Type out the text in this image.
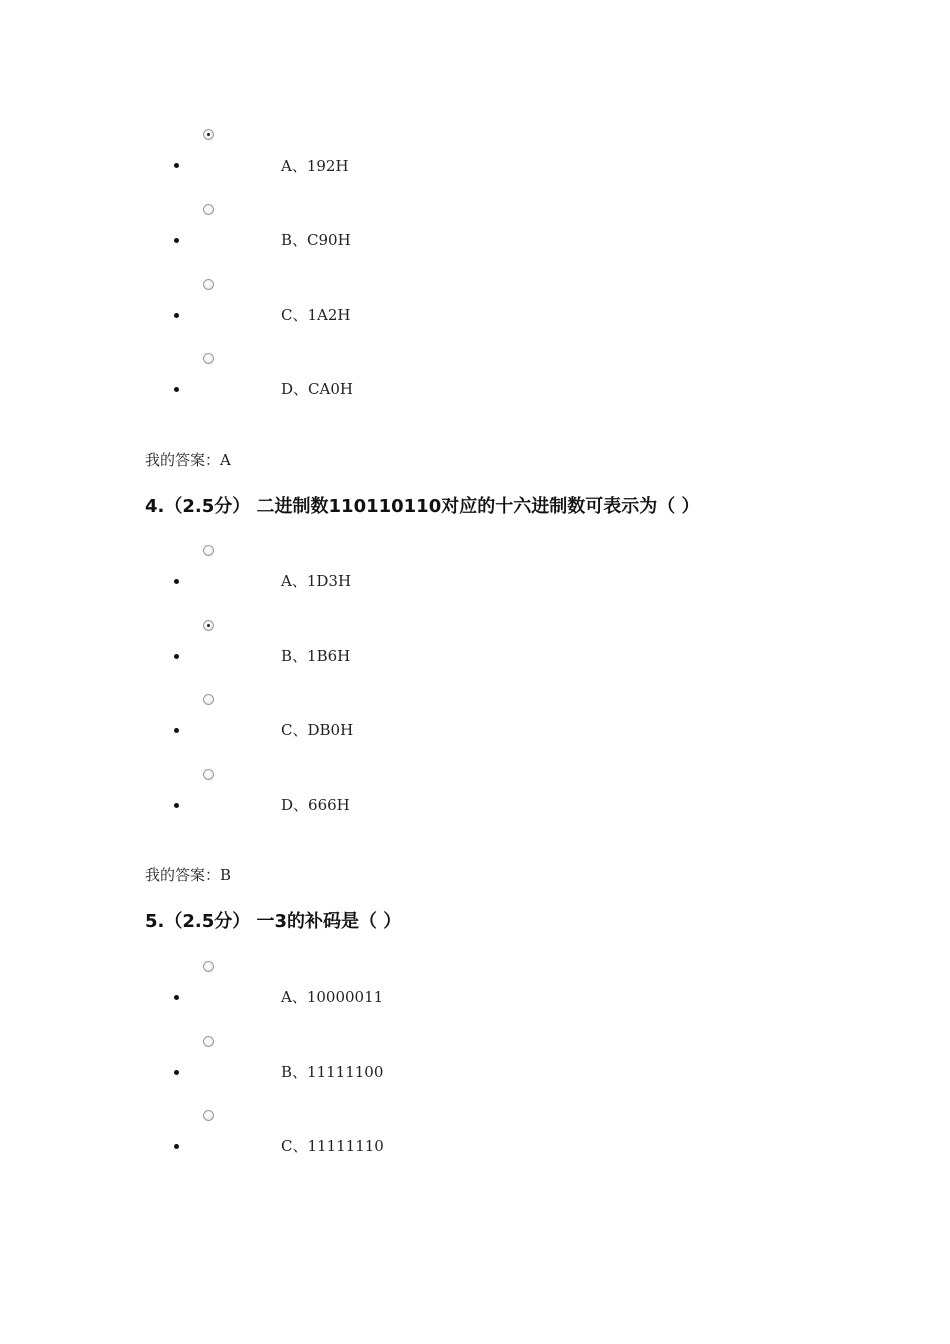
A、192H
B、C90H
C、1A2H
D、CA0H
我的答案：A
4.（2.5分） 二进制数110110110对应的十六进制数可表示为（ ）
A、1D3H
B、1B6H
C、DB0H
D、666H
我的答案：B
5.（2.5分） 一3的补码是（ ）
A、10000011
B、11111100
C、11111110
